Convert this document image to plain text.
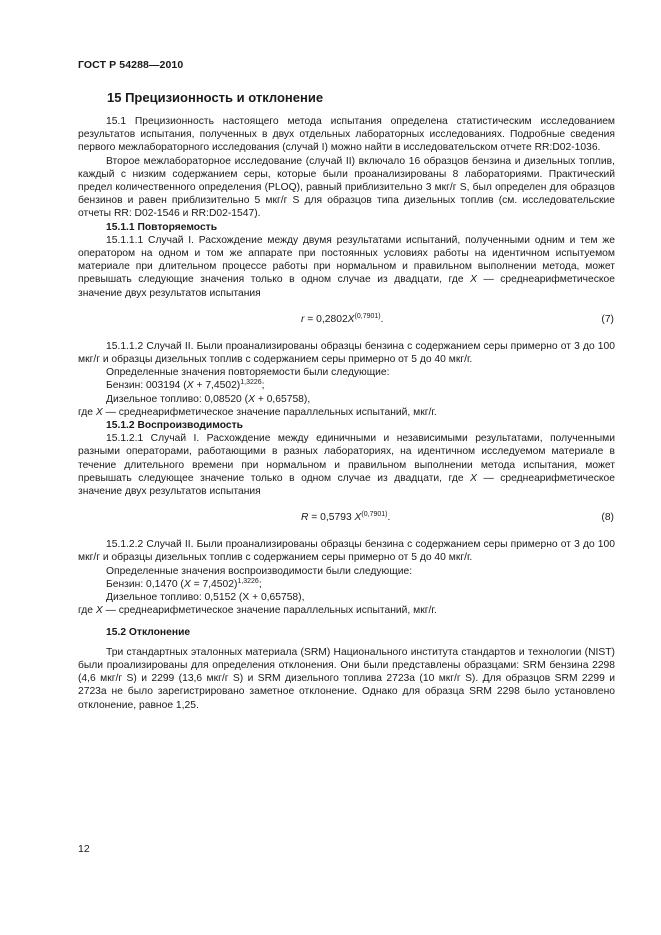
ГОСТ Р 54288—2010
15 Прецизионность и отклонение

15.1 Прецизионность настоящего метода испытания определена статистическим исследованием результатов испытания, полученных в двух отдельных лабораторных исследованиях. Подробные сведения первого межлабораторного исследования (случай I) можно найти в исследовательском отчете RR:D02-1036.

Второе межлабораторное исследование (случай II) включало 16 образцов бензина и дизельных топлив, каждый с низким содержанием серы, которые были проанализированы 8 лабораториями. Практический предел количественного определения (PLOQ), равный приблизительно 3 мкг/г S, был определен для образцов бензинов и равен приблизительно 5 мкг/г S для образцов типа дизельных топлив (см. исследовательские отчеты RR: D02-1546 и RR:D02-1547).

15.1.1 Повторяемость

15.1.1.1 Случай I. Расхождение между двумя результатами испытаний, полученными одним и тем же оператором на одном и том же аппарате при постоянных условиях работы на идентичном испытуемом материале при длительном процессе работы при нормальном и правильном выполнении метода, может превышать следующие значения только в одном случае из двадцати, где X — среднеарифметическое значение двух результатов испытания

$r = 0,2802X^{(0,7901)}$.	(7)

15.1.1.2 Случай II. Были проанализированы образцы бензина с содержанием серы примерно от 3 до 100 мкг/г и образцы дизельных топлив с содержанием серы примерно от 5 до 40 мкг/г.

Определенные значения повторяемости были следующие:

Бензин: 003194 $(X + 7,4502)^{1,3226}$;

Дизельное топливо: 0,08520 (X + 0,65758),

где X — среднеарифметическое значение параллельных испытаний, мкг/г.

15.1.2 Воспроизводимость

15.1.2.1 Случай I. Расхождение между единичными и независимыми результатами, полученными разными операторами, работающими в разных лабораториях, на идентичном исследуемом материале в течение длительного времени при нормальном и правильном выполнении метода испытания, может превышать следующее значение только в одном случае из двадцати, где X — среднеарифметическое значение двух результатов испытания

R = 0,5793 $X^{(0,7901)}$.	(8)

15.1.2.2 Случай II. Были проанализированы образцы бензина с содержанием серы примерно от 3 до 100 мкг/г и образцы дизельных топлив с содержанием серы примерно от 5 до 40 мкг/г.

Определенные значения воспроизводимости были следующие:

Бензин: 0,1470 (X = 7,4502)$^{1,3226}$;

Дизельное топливо: 0,5152 (X + 0,65758),

где X — среднеарифметическое значение параллельных испытаний, мкг/г.

15.2 Отклонение

Три стандартных эталонных материала (SRM) Национального института стандартов и технологии (NIST) были проализированы для определения отклонения. Они были представлены образцами: SRM бензина 2298 (4,6 мкг/г S) и 2299 (13,6 мкг/г S) и SRM дизельного топлива 2723а (10 мкг/г S). Для образцов SRM 2299 и 2723а не было зарегистрировано заметное отклонение. Однако для образца SRM 2298 было установлено отклонение, равное 1,25.

12
